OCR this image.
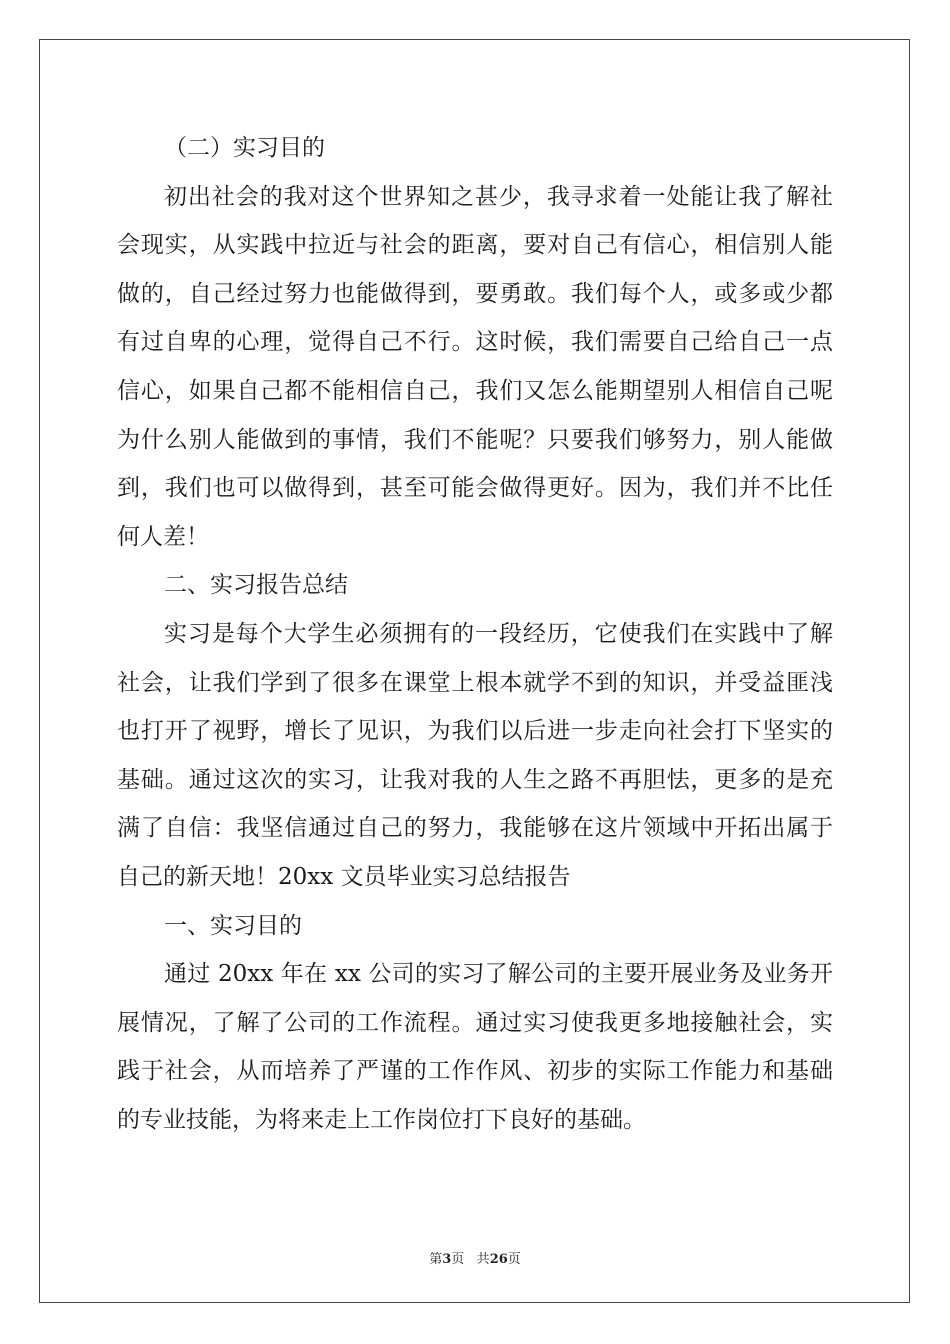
（二）实习目的
初出社会的我对这个世界知之甚少，我寻求着一处能让我了解社
会现实，从实践中拉近与社会的距离，要对自己有信心，相信别人能
做的，自己经过努力也能做得到，要勇敢。我们每个人，或多或少都
有过自卑的心理，觉得自己不行。这时候，我们需要自己给自己一点
信心，如果自己都不能相信自己，我们又怎么能期望别人相信自己呢
为什么别人能做到的事情，我们不能呢？只要我们够努力，别人能做
到，我们也可以做得到，甚至可能会做得更好。因为，我们并不比任
何人差！
二、实习报告总结
实习是每个大学生必须拥有的一段经历，它使我们在实践中了解
社会，让我们学到了很多在课堂上根本就学不到的知识，并受益匪浅
也打开了视野，增长了见识，为我们以后进一步走向社会打下坚实的
基础。通过这次的实习，让我对我的人生之路不再胆怯，更多的是充
满了自信：我坚信通过自己的努力，我能够在这片领域中开拓出属于
自己的新天地！20xx 文员毕业实习总结报告
一、实习目的
通过 20xx 年在 xx 公司的实习了解公司的主要开展业务及业务开
展情况，了解了公司的工作流程。通过实习使我更多地接触社会，实
践于社会，从而培养了严谨的工作作风、初步的实际工作能力和基础
的专业技能，为将来走上工作岗位打下良好的基础。
第3页 共26页
